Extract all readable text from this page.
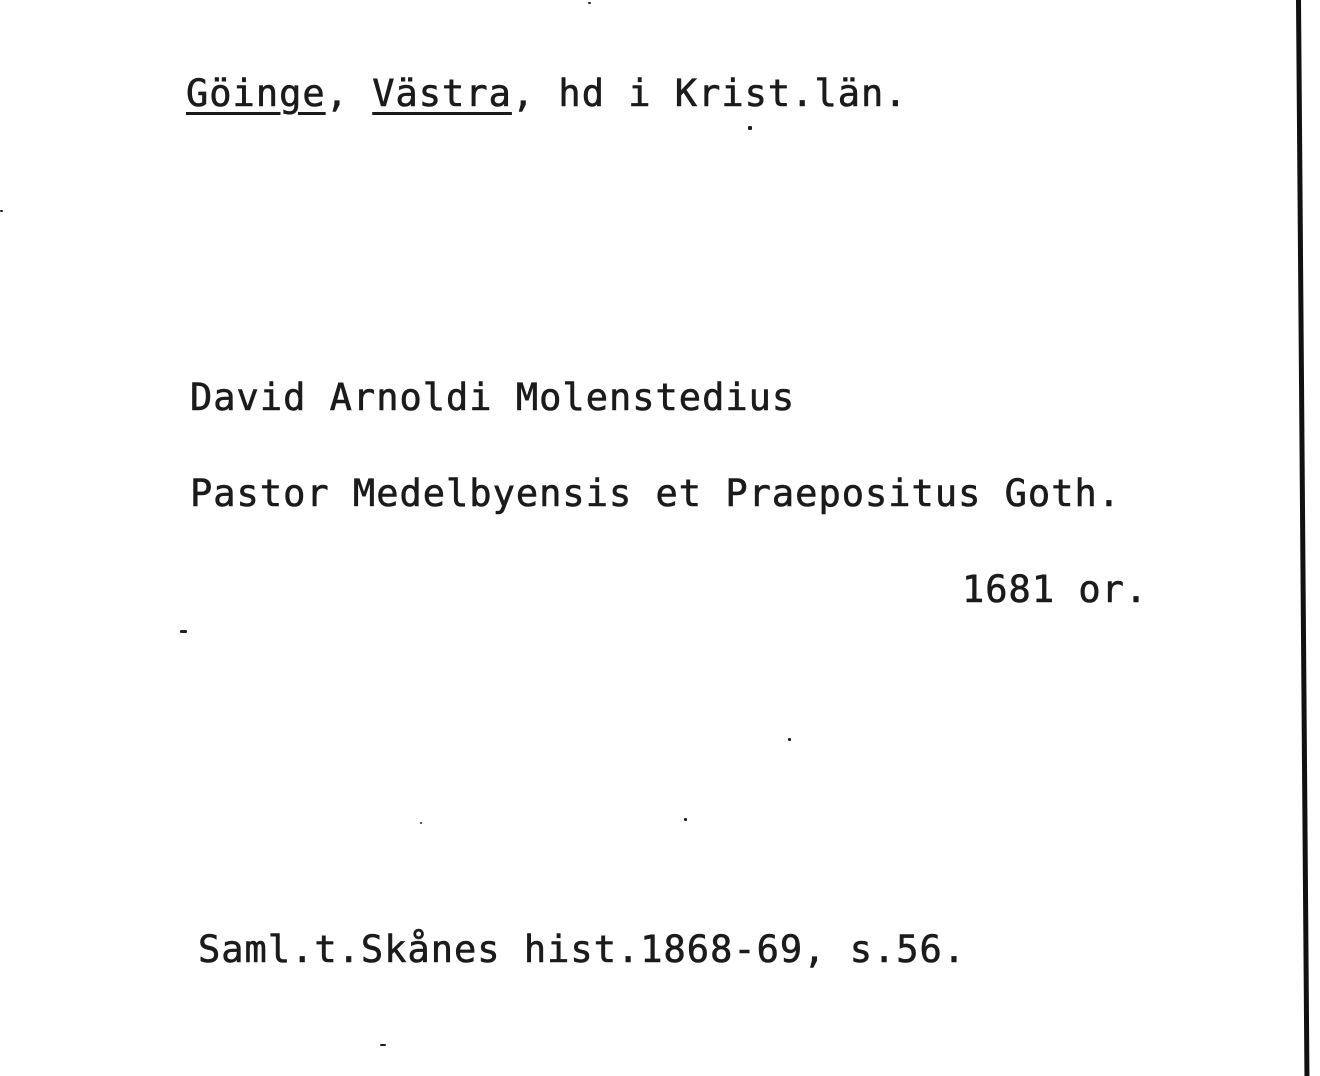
Göinge, Västra, hd i Krist.län.
David Arnoldi Molenstedius
Pastor Medelbyensis et Praepositus Goth.
1681 or.
Saml.t.Skånes hist.1868-69, s.56.
